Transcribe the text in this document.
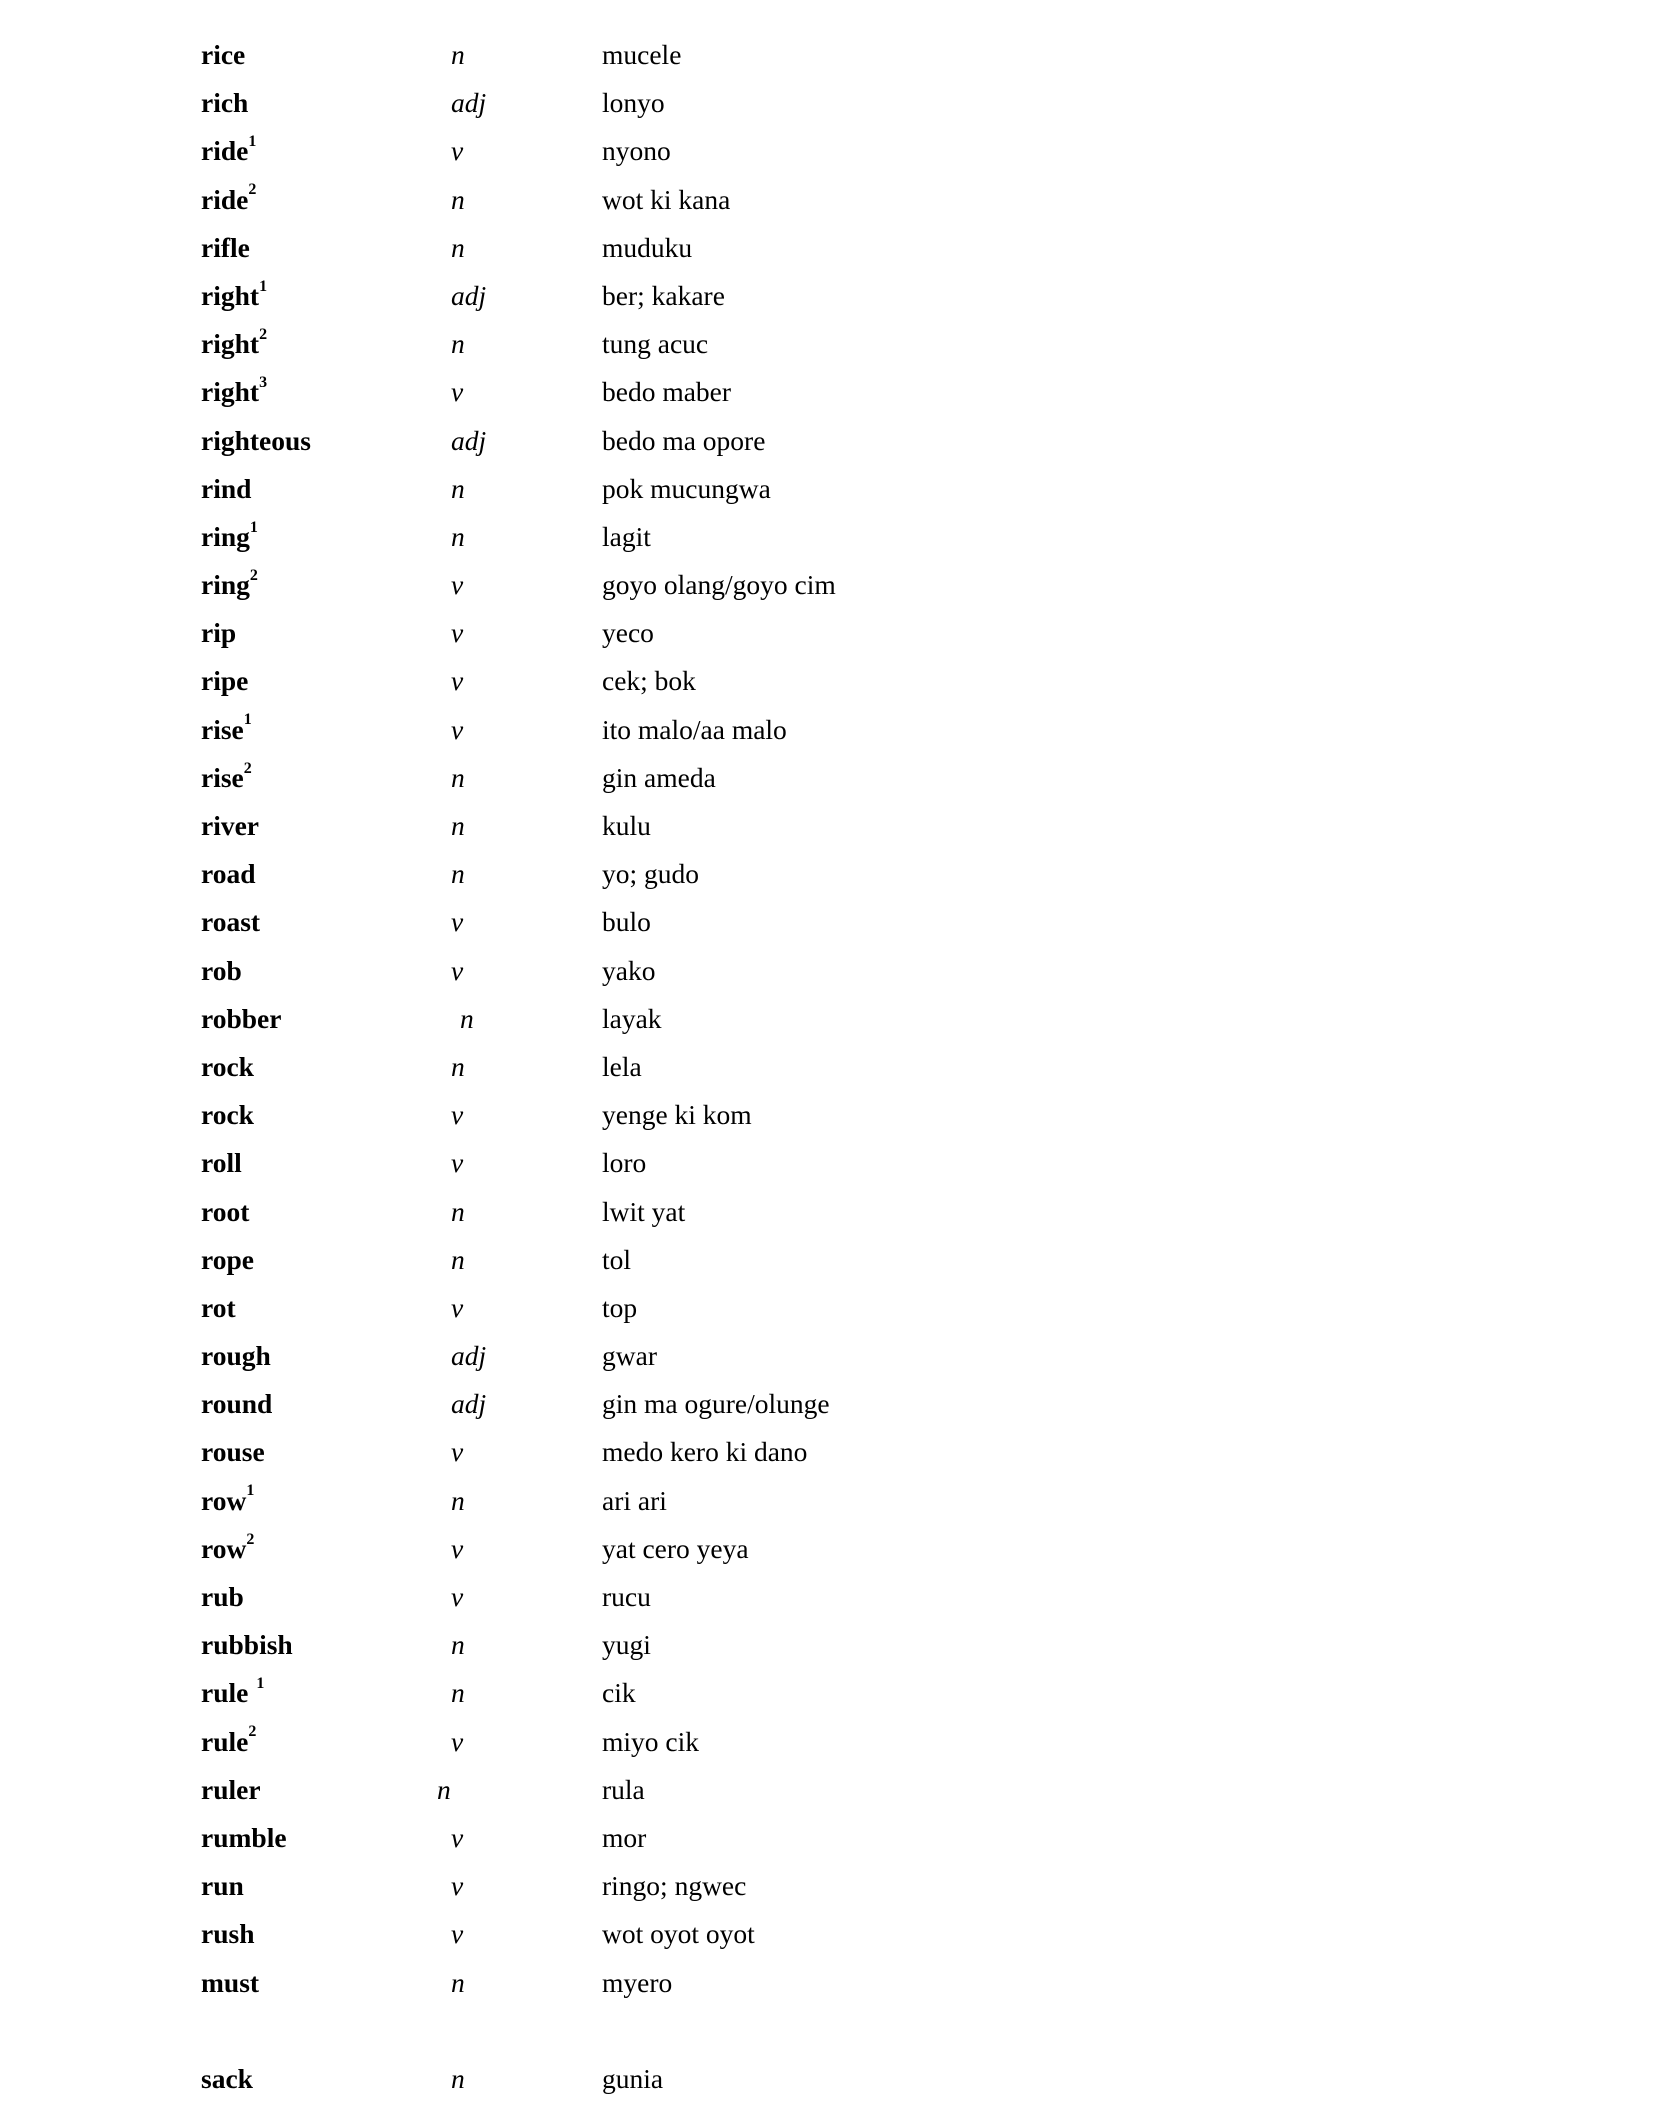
rice	n	mucele
rich	adj	lonyo
ride$^1$	v	nyono
ride$^2$	n	wot ki kana
rifle	n	muduku
right$^1$	adj	ber; kakare
right$^2$	n	tung acuc
right$^3$	v	bedo maber
righteous	adj	bedo ma opore
rind	n	pok mucungwa
ring$^1$	n	lagit
ring$^2$	v	goyo olang/goyo cim
rip	v	yeco
ripe	v	cek; bok
rise$^1$	v	ito malo/aa malo
rise$^2$	n	gin ameda
river	n	kulu
road	n	yo; gudo
roast	v	bulo
rob	v	yako
robber	n	layak
rock	n	lela
rock	v	yenge ki kom
roll	v	loro
root	n	lwit yat
rope	n	tol
rot	v	top
rough	adj	gwar
round	adj	gin ma ogure/olunge
rouse	v	medo kero ki dano
row$^1$	n	ari ari
row$^2$	v	yat cero yeya
rub	v	rucu
rubbish	n	yugi
rule $^1$	n	cik
rule$^2$	v	miyo cik
ruler	n	rula
rumble	v	mor
run	v	ringo; ngwec
rush	v	wot oyot oyot
must	n	myero
sack	n	gunia
